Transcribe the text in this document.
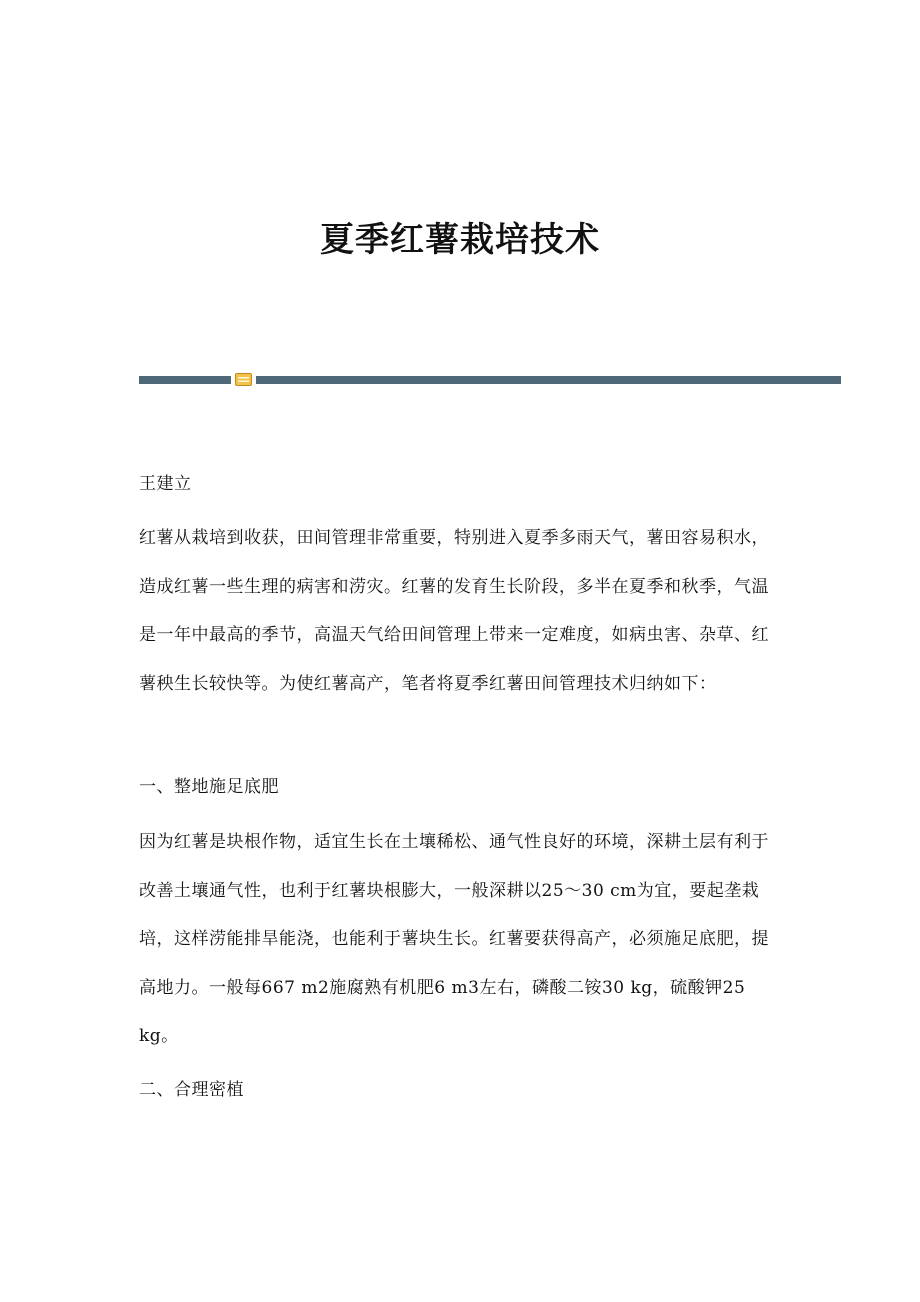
夏季红薯栽培技术

王建立

红薯从栽培到收获，田间管理非常重要，特别进入夏季多雨天气，薯田容易积水，造成红薯一些生理的病害和涝灾。红薯的发育生长阶段，多半在夏季和秋季，气温是一年中最高的季节，高温天气给田间管理上带来一定难度，如病虫害、杂草、红薯秧生长较快等。为使红薯高产，笔者将夏季红薯田间管理技术归纳如下：

一、整地施足底肥

因为红薯是块根作物，适宜生长在土壤稀松、通气性良好的环境，深耕土层有利于改善土壤通气性，也利于红薯块根膨大，一般深耕以25～30 cm为宜，要起垄栽培，这样涝能排旱能浇，也能利于薯块生长。红薯要获得高产，必须施足底肥，提高地力。一般每667 m2施腐熟有机肥6 m3左右，磷酸二铵30 kg，硫酸钾25 kg。

二、合理密植
